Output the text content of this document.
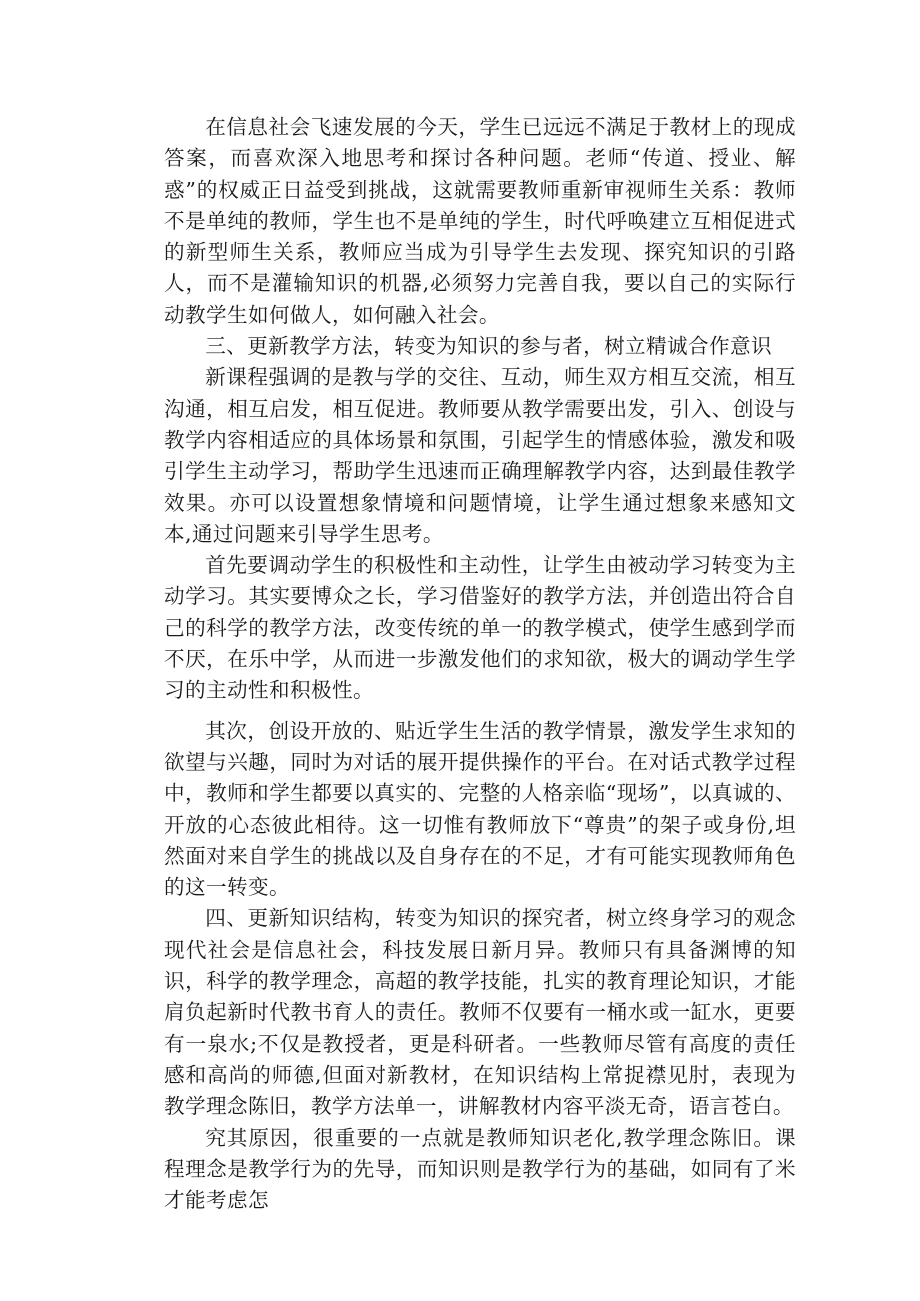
在信息社会飞速发展的今天，学生已远远不满足于教材上的现成答案，而喜欢深入地思考和探讨各种问题。老师“传道、授业、解惑”的权威正日益受到挑战，这就需要教师重新审视师生关系：教师不是单纯的教师，学生也不是单纯的学生，时代呼唤建立互相促进式的新型师生关系，教师应当成为引导学生去发现、探究知识的引路人，而不是灌输知识的机器,必须努力完善自我，要以自己的实际行动教学生如何做人，如何融入社会。

三、更新教学方法，转变为知识的参与者，树立精诚合作意识

新课程强调的是教与学的交往、互动，师生双方相互交流，相互沟通，相互启发，相互促进。教师要从教学需要出发，引入、创设与教学内容相适应的具体场景和氛围，引起学生的情感体验，激发和吸引学生主动学习，帮助学生迅速而正确理解教学内容，达到最佳教学效果。亦可以设置想象情境和问题情境，让学生通过想象来感知文本,通过问题来引导学生思考。

首先要调动学生的积极性和主动性，让学生由被动学习转变为主动学习。其实要博众之长，学习借鉴好的教学方法，并创造出符合自己的科学的教学方法，改变传统的单一的教学模式，使学生感到学而不厌，在乐中学，从而进一步激发他们的求知欲，极大的调动学生学习的主动性和积极性。

其次，创设开放的、贴近学生生活的教学情景，激发学生求知的欲望与兴趣，同时为对话的展开提供操作的平台。在对话式教学过程中，教师和学生都要以真实的、完整的人格亲临“现场”，以真诚的、开放的心态彼此相待。这一切惟有教师放下“尊贵”的架子或身份,坦然面对来自学生的挑战以及自身存在的不足，才有可能实现教师角色的这一转变。

四、更新知识结构，转变为知识的探究者，树立终身学习的观念现代社会是信息社会，科技发展日新月异。教师只有具备渊博的知识，科学的教学理念，高超的教学技能，扎实的教育理论知识，才能肩负起新时代教书育人的责任。教师不仅要有一桶水或一缸水，更要有一泉水;不仅是教授者，更是科研者。一些教师尽管有高度的责任感和高尚的师德,但面对新教材，在知识结构上常捉襟见肘，表现为教学理念陈旧，教学方法单一，讲解教材内容平淡无奇，语言苍白。

究其原因，很重要的一点就是教师知识老化,教学理念陈旧。课程理念是教学行为的先导，而知识则是教学行为的基础，如同有了米才能考虑怎
